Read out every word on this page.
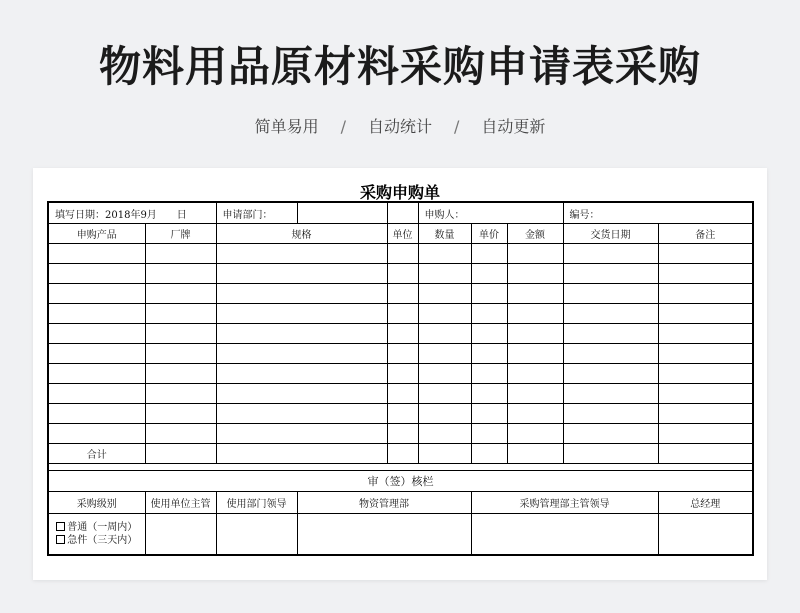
物料用品原材料采购申请表采购
简单易用 / 自动统计 / 自动更新
采购申购单
填写日期：2018年9月　　日		申请部门：			申购人：			编号：	
申购产品	厂牌	规格		单位	数量	单价	金额	交货日期	备注

合计									

审（签）核栏									
采购级别	使用单位主管	使用部门领导	物资管理部			采购管理部主管领导			总经理

普通（一周内）
急件（三天内）									
